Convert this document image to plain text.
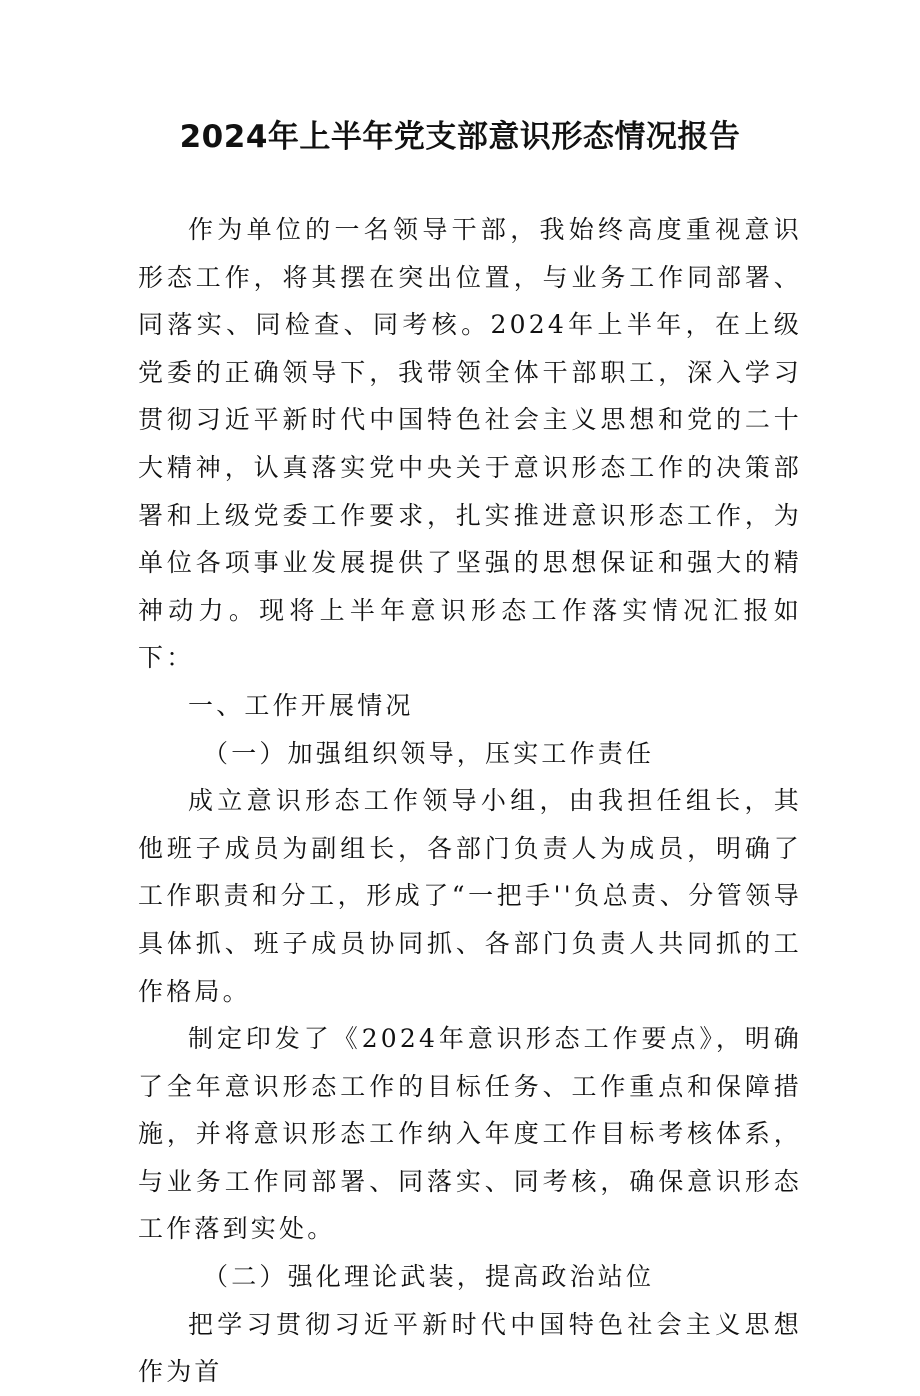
2024年上半年党支部意识形态情况报告

作为单位的一名领导干部，我始终高度重视意识形态工作，将其摆在突出位置，与业务工作同部署、同落实、同检查、同考核。2024年上半年，在上级党委的正确领导下，我带领全体干部职工，深入学习贯彻习近平新时代中国特色社会主义思想和党的二十大精神，认真落实党中央关于意识形态工作的决策部署和上级党委工作要求，扎实推进意识形态工作，为单位各项事业发展提供了坚强的思想保证和强大的精神动力。现将上半年意识形态工作落实情况汇报如下：

一、工作开展情况

（一）加强组织领导，压实工作责任

成立意识形态工作领导小组，由我担任组长，其他班子成员为副组长，各部门负责人为成员，明确了工作职责和分工，形成了“一把手''负总责、分管领导具体抓、班子成员协同抓、各部门负责人共同抓的工作格局。

制定印发了《2024年意识形态工作要点》，明确了全年意识形态工作的目标任务、工作重点和保障措施，并将意识形态工作纳入年度工作目标考核体系，与业务工作同部署、同落实、同考核，确保意识形态工作落到实处。

（二）强化理论武装，提高政治站位

把学习贯彻习近平新时代中国特色社会主义思想作为首
